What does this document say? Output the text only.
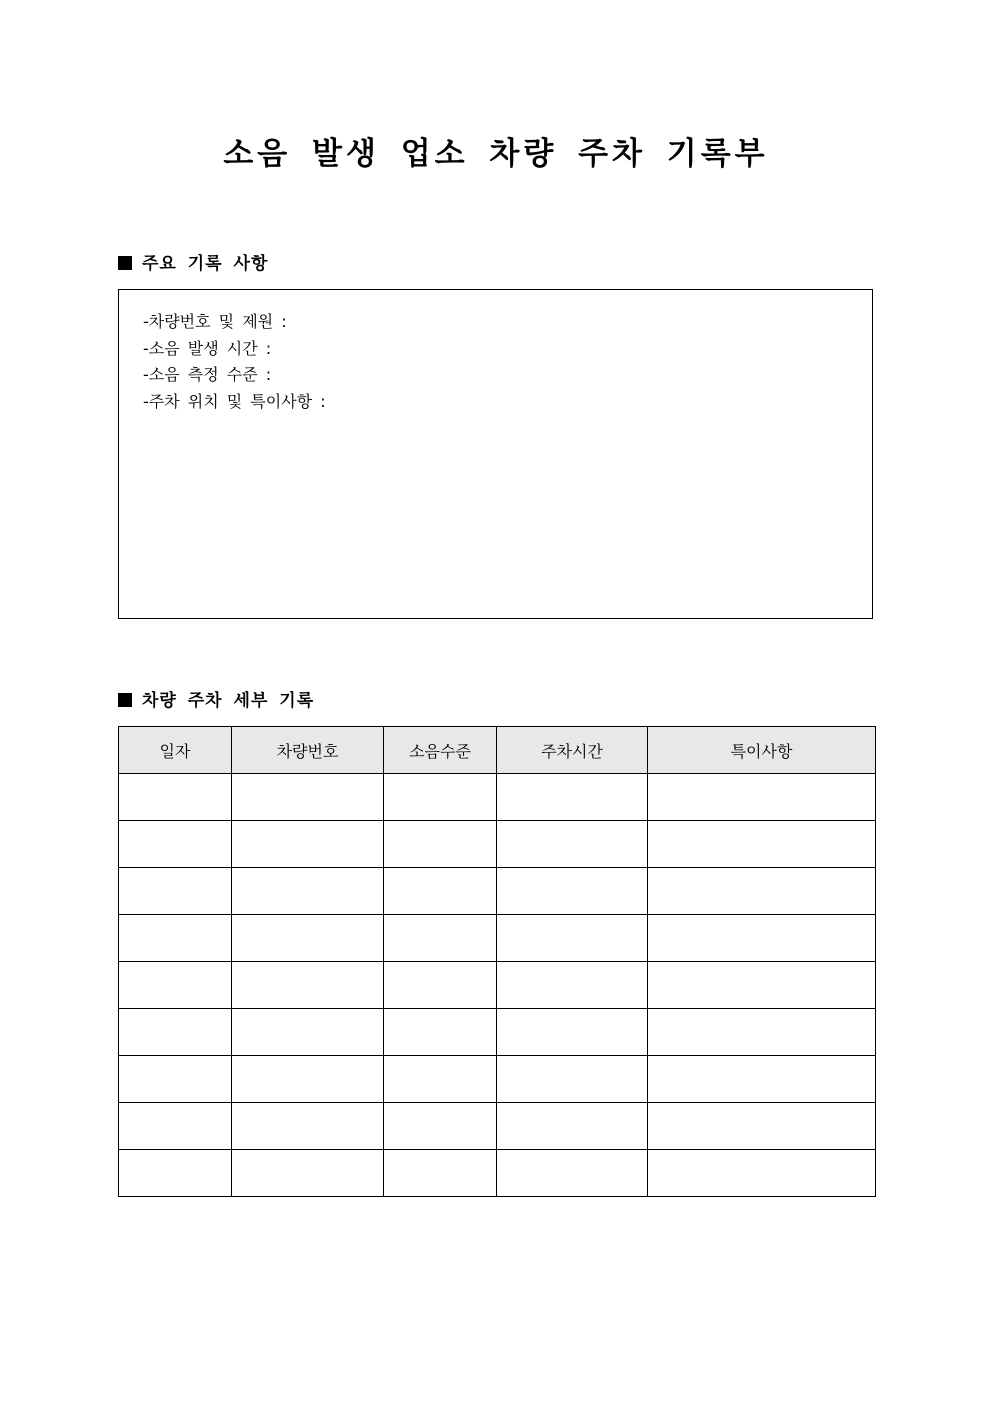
소음 발생 업소 차량 주차 기록부
주요 기록 사항
-차량번호 및 제원 :
-소음 발생 시간 :
-소음 측정 수준 :
-주차 위치 및 특이사항 :
차량 주차 세부 기록
일자	차량번호	소음수준	주차시간	특이사항
